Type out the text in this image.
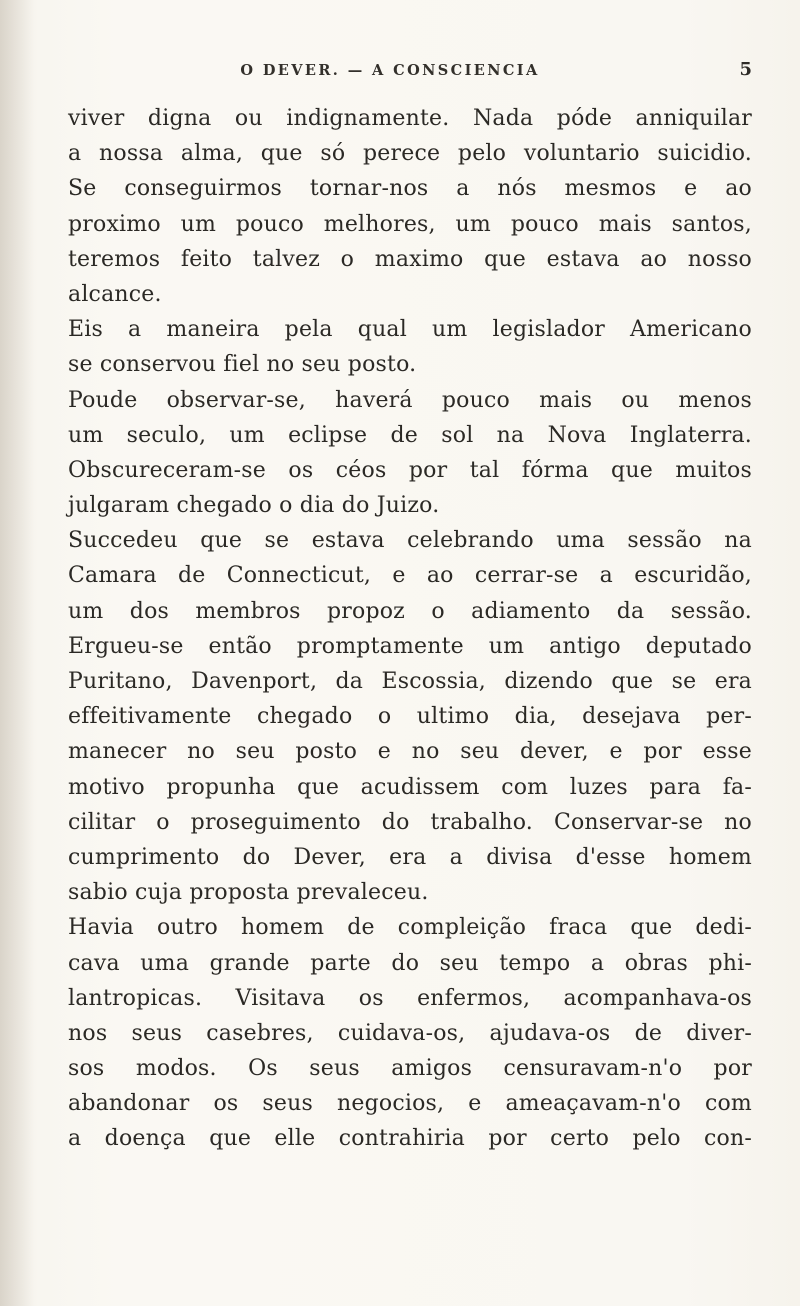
O DEVER. — A CONSCIENCIA	5
viver digna ou indignamente. Nada póde anniquilar
a nossa alma, que só perece pelo voluntario suicidio.
Se conseguirmos tornar-nos a nós mesmos e ao
proximo um pouco melhores, um pouco mais santos,
teremos feito talvez o maximo que estava ao nosso
alcance.
Eis a maneira pela qual um legislador Americano
se conservou fiel no seu posto.
Poude observar-se, haverá pouco mais ou menos
um seculo, um eclipse de sol na Nova Inglaterra.
Obscureceram-se os céos por tal fórma que muitos
julgaram chegado o dia do Juizo.
Succedeu que se estava celebrando uma sessão na
Camara de Connecticut, e ao cerrar-se a escuridão,
um dos membros propoz o adiamento da sessão.
Ergueu-se então promptamente um antigo deputado
Puritano, Davenport, da Escossia, dizendo que se era
effeitivamente chegado o ultimo dia, desejava per-
manecer no seu posto e no seu dever, e por esse
motivo propunha que acudissem com luzes para fa-
cilitar o proseguimento do trabalho. Conservar-se no
cumprimento do Dever, era a divisa d'esse homem
sabio cuja proposta prevaleceu.
Havia outro homem de compleição fraca que dedi-
cava uma grande parte do seu tempo a obras phi-
lantropicas. Visitava os enfermos, acompanhava-os
nos seus casebres, cuidava-os, ajudava-os de diver-
sos modos. Os seus amigos censuravam-n'o por
abandonar os seus negocios, e ameaçavam-n'o com
a doença que elle contrahiria por certo pelo con-
